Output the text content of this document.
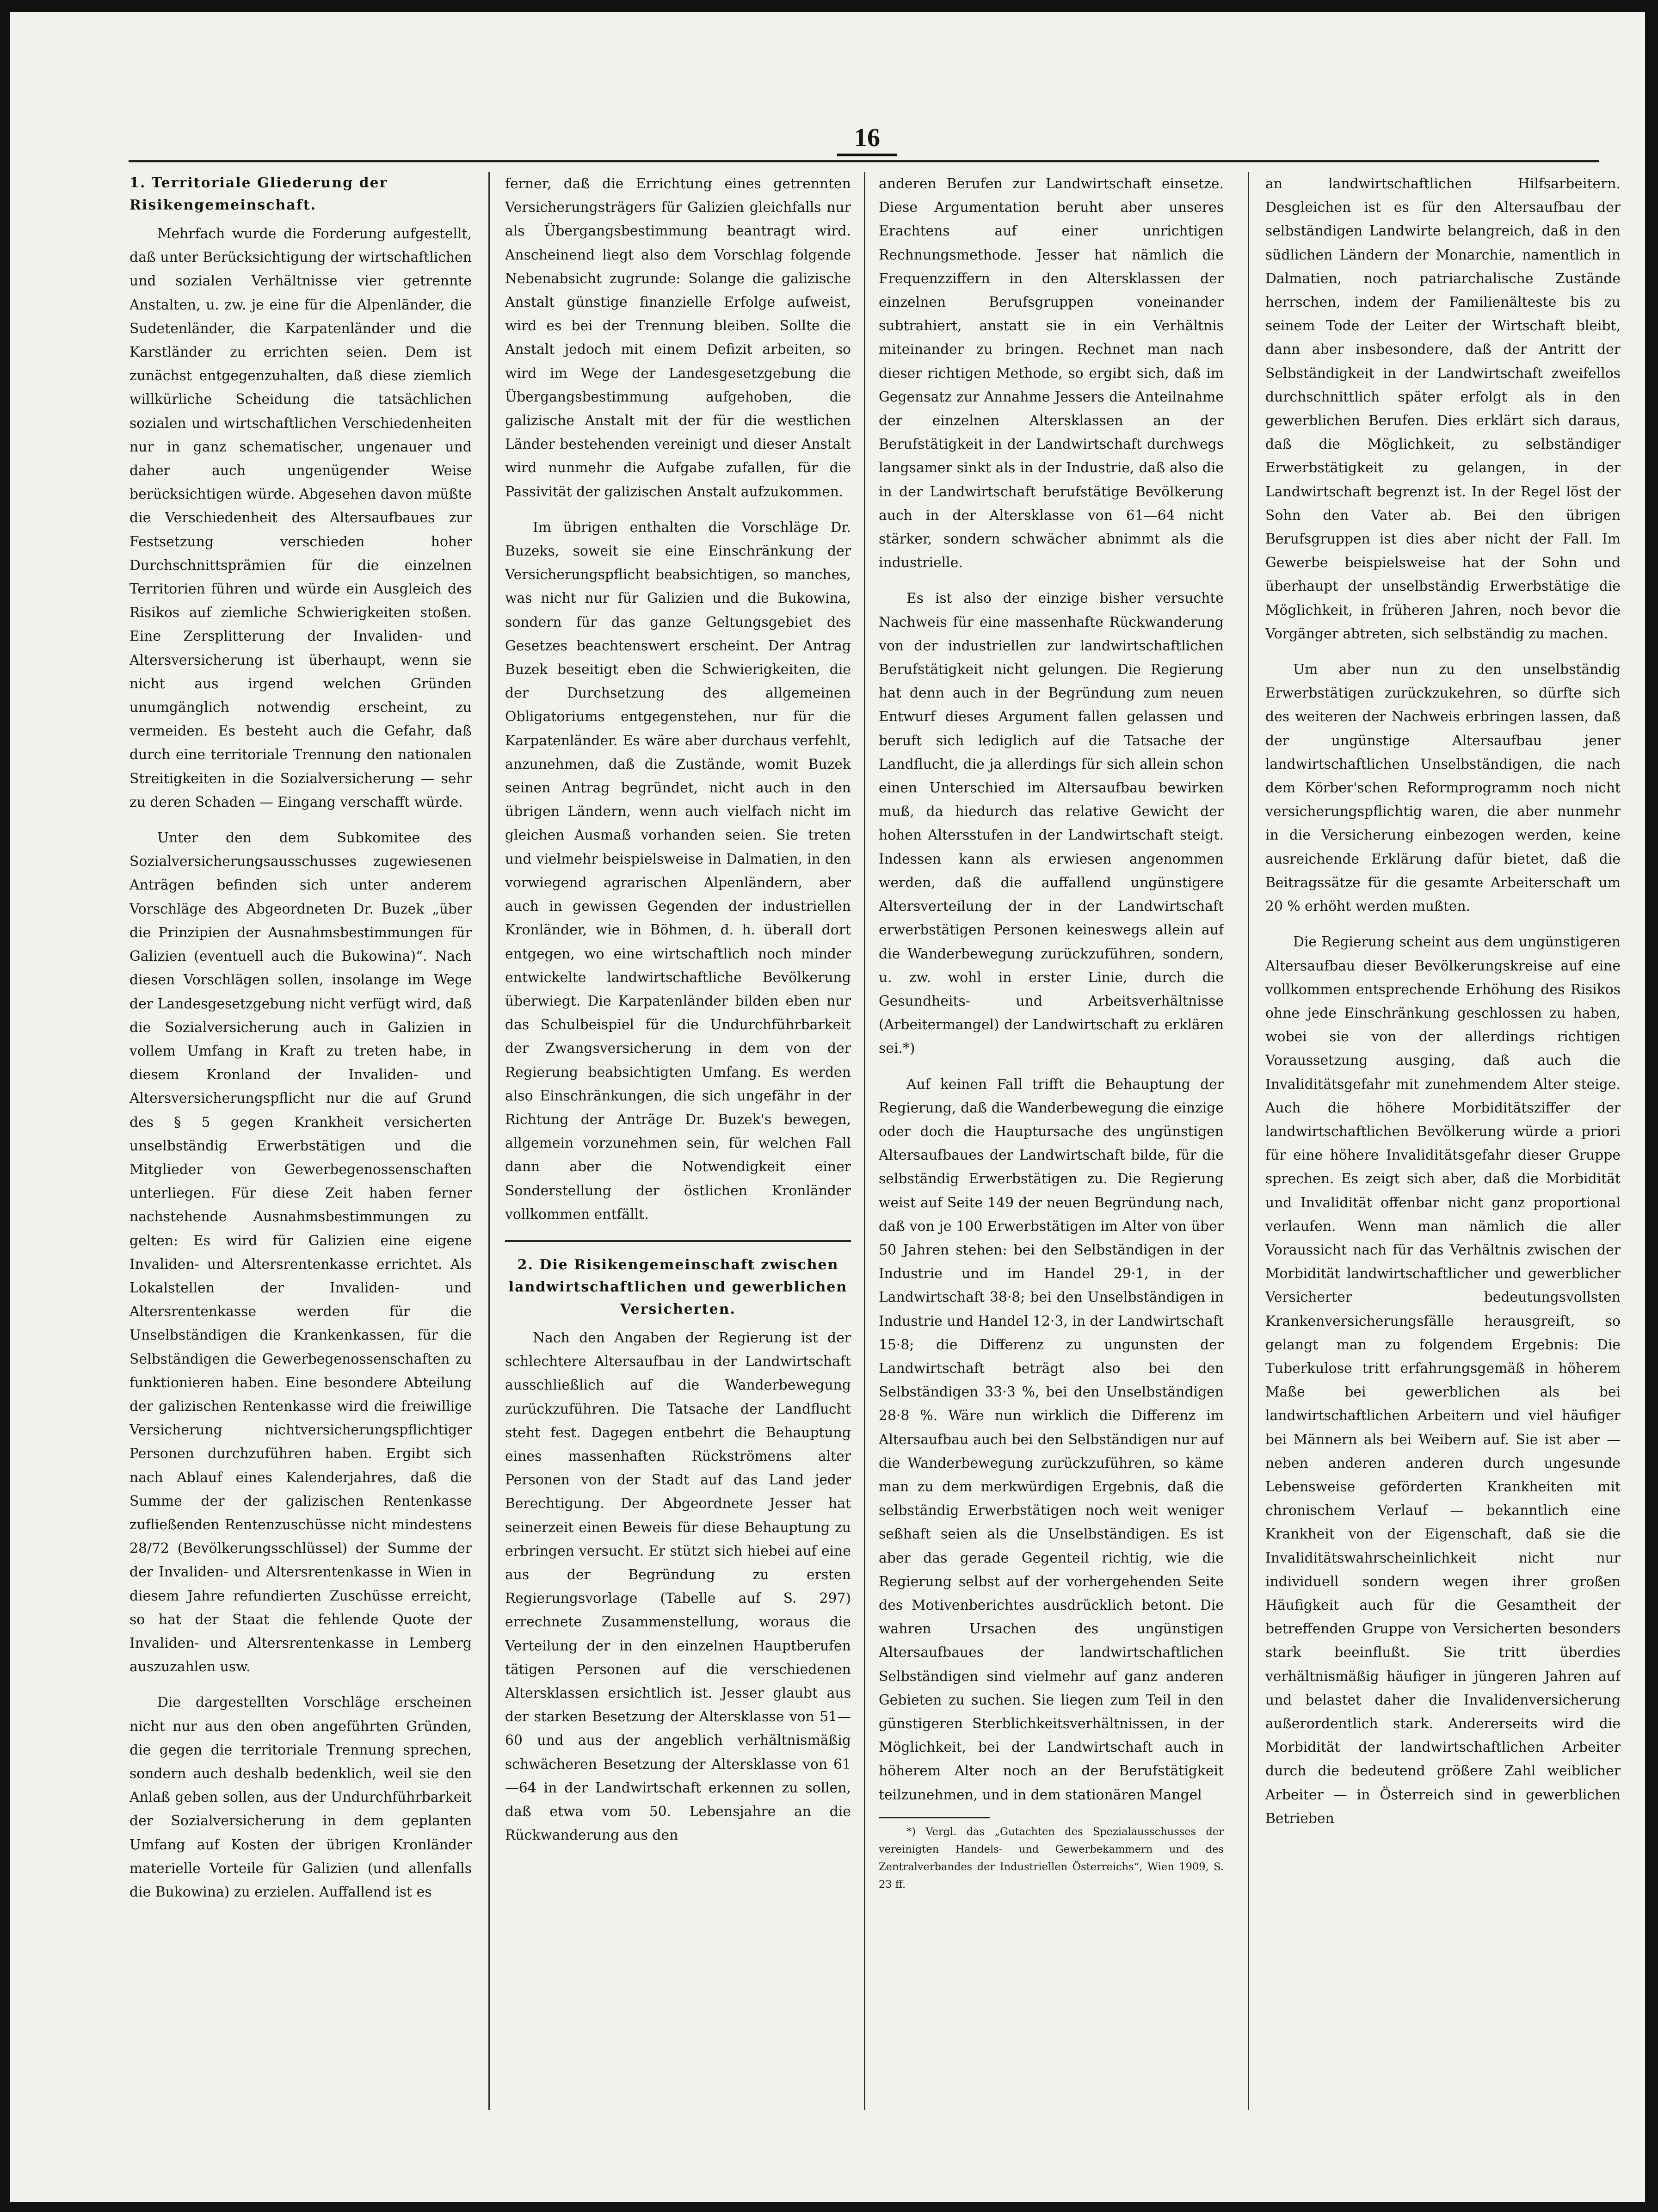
16
1. Territoriale Gliederung der Risikengemeinschaft.

Mehrfach wurde die Forderung aufgestellt, daß unter Berücksichtigung der wirtschaftlichen und sozialen Verhältnisse vier getrennte Anstalten, u. zw. je eine für die Alpenländer, die Sudetenländer, die Karpatenländer und die Karstländer zu errichten seien. Dem ist zunächst entgegenzuhalten, daß diese ziemlich willkürliche Scheidung die tatsächlichen sozialen und wirtschaftlichen Verschiedenheiten nur in ganz schematischer, ungenauer und daher auch ungenügender Weise berücksichtigen würde. Abgesehen davon müßte die Verschiedenheit des Altersaufbaues zur Festsetzung verschieden hoher Durchschnittsprämien für die einzelnen Territorien führen und würde ein Ausgleich des Risikos auf ziemliche Schwierigkeiten stoßen. Eine Zersplitterung der Invaliden- und Altersversicherung ist überhaupt, wenn sie nicht aus irgend welchen Gründen unumgänglich notwendig erscheint, zu vermeiden. Es besteht auch die Gefahr, daß durch eine territoriale Trennung den nationalen Streitigkeiten in die Sozialversicherung — sehr zu deren Schaden — Eingang verschafft würde.

Unter den dem Subkomitee des Sozialversicherungsausschusses zugewiesenen Anträgen befinden sich unter anderem Vorschläge des Abgeordneten Dr. Buzek „über die Prinzipien der Ausnahmsbestimmungen für Galizien (eventuell auch die Bukowina)“. Nach diesen Vorschlägen sollen, insolange im Wege der Landesgesetzgebung nicht verfügt wird, daß die Sozialversicherung auch in Galizien in vollem Umfang in Kraft zu treten habe, in diesem Kronland der Invaliden- und Altersversicherungspflicht nur die auf Grund des § 5 gegen Krankheit versicherten unselbständig Erwerbstätigen und die Mitglieder von Gewerbegenossenschaften unterliegen. Für diese Zeit haben ferner nachstehende Ausnahmsbestimmungen zu gelten: Es wird für Galizien eine eigene Invaliden- und Altersrentenkasse errichtet. Als Lokalstellen der Invaliden- und Altersrentenkasse werden für die Unselbständigen die Krankenkassen, für die Selbständigen die Gewerbegenossenschaften zu funktionieren haben. Eine besondere Abteilung der galizischen Rentenkasse wird die freiwillige Versicherung nichtversicherungspflichtiger Personen durchzuführen haben. Ergibt sich nach Ablauf eines Kalenderjahres, daß die Summe der der galizischen Rentenkasse zufließenden Rentenzuschüsse nicht mindestens 28/72 (Bevölkerungsschlüssel) der Summe der der Invaliden- und Altersrentenkasse in Wien in diesem Jahre refundierten Zuschüsse erreicht, so hat der Staat die fehlende Quote der Invaliden- und Altersrentenkasse in Lemberg auszuzahlen usw.

Die dargestellten Vorschläge erscheinen nicht nur aus den oben angeführten Gründen, die gegen die territoriale Trennung sprechen, sondern auch deshalb bedenklich, weil sie den Anlaß geben sollen, aus der Undurchführbarkeit der Sozialversicherung in dem geplanten Umfang auf Kosten der übrigen Kronländer materielle Vorteile für Galizien (und allenfalls die Bukowina) zu erzielen. Auffallend ist es

ferner, daß die Errichtung eines getrennten Versicherungsträgers für Galizien gleichfalls nur als Übergangsbestimmung beantragt wird. Anscheinend liegt also dem Vorschlag folgende Nebenabsicht zugrunde: Solange die galizische Anstalt günstige finanzielle Erfolge aufweist, wird es bei der Trennung bleiben. Sollte die Anstalt jedoch mit einem Defizit arbeiten, so wird im Wege der Landesgesetzgebung die Übergangsbestimmung aufgehoben, die galizische Anstalt mit der für die westlichen Länder bestehenden vereinigt und dieser Anstalt wird nunmehr die Aufgabe zufallen, für die Passivität der galizischen Anstalt aufzukommen.

Im übrigen enthalten die Vorschläge Dr. Buzeks, soweit sie eine Einschränkung der Versicherungspflicht beabsichtigen, so manches, was nicht nur für Galizien und die Bukowina, sondern für das ganze Geltungsgebiet des Gesetzes beachtenswert erscheint. Der Antrag Buzek beseitigt eben die Schwierigkeiten, die der Durchsetzung des allgemeinen Obligatoriums entgegenstehen, nur für die Karpatenländer. Es wäre aber durchaus verfehlt, anzunehmen, daß die Zustände, womit Buzek seinen Antrag begründet, nicht auch in den übrigen Ländern, wenn auch vielfach nicht im gleichen Ausmaß vorhanden seien. Sie treten und vielmehr beispielsweise in Dalmatien, in den vorwiegend agrarischen Alpenländern, aber auch in gewissen Gegenden der industriellen Kronländer, wie in Böhmen, d. h. überall dort entgegen, wo eine wirtschaftlich noch minder entwickelte landwirtschaftliche Bevölkerung überwiegt. Die Karpatenländer bilden eben nur das Schulbeispiel für die Undurchführbarkeit der Zwangsversicherung in dem von der Regierung beabsichtigten Umfang. Es werden also Einschränkungen, die sich ungefähr in der Richtung der Anträge Dr. Buzek's bewegen, allgemein vorzunehmen sein, für welchen Fall dann aber die Notwendigkeit einer Sonderstellung der östlichen Kronländer vollkommen entfällt.

2. Die Risikengemeinschaft zwischen landwirtschaftlichen und gewerblichen Versicherten.

Nach den Angaben der Regierung ist der schlechtere Altersaufbau in der Landwirtschaft ausschließlich auf die Wanderbewegung zurückzuführen. Die Tatsache der Landflucht steht fest. Dagegen entbehrt die Behauptung eines massenhaften Rückströmens alter Personen von der Stadt auf das Land jeder Berechtigung. Der Abgeordnete Jesser hat seinerzeit einen Beweis für diese Behauptung zu erbringen versucht. Er stützt sich hiebei auf eine aus der Begründung zu ersten Regierungsvorlage (Tabelle auf S. 297) errechnete Zusammenstellung, woraus die Verteilung der in den einzelnen Hauptberufen tätigen Personen auf die verschiedenen Altersklassen ersichtlich ist. Jesser glaubt aus der starken Besetzung der Altersklasse von 51—60 und aus der angeblich verhältnismäßig schwächeren Besetzung der Altersklasse von 61—64 in der Landwirtschaft erkennen zu sollen, daß etwa vom 50. Lebensjahre an die Rückwanderung aus den

anderen Berufen zur Landwirtschaft einsetze. Diese Argumentation beruht aber unseres Erachtens auf einer unrichtigen Rechnungsmethode. Jesser hat nämlich die Frequenzziffern in den Altersklassen der einzelnen Berufsgruppen voneinander subtrahiert, anstatt sie in ein Verhältnis miteinander zu bringen. Rechnet man nach dieser richtigen Methode, so ergibt sich, daß im Gegensatz zur Annahme Jessers die Anteilnahme der einzelnen Altersklassen an der Berufstätigkeit in der Landwirtschaft durchwegs langsamer sinkt als in der Industrie, daß also die in der Landwirtschaft berufstätige Bevölkerung auch in der Altersklasse von 61—64 nicht stärker, sondern schwächer abnimmt als die industrielle.

Es ist also der einzige bisher versuchte Nachweis für eine massenhafte Rückwanderung von der industriellen zur landwirtschaftlichen Berufstätigkeit nicht gelungen. Die Regierung hat denn auch in der Begründung zum neuen Entwurf dieses Argument fallen gelassen und beruft sich lediglich auf die Tatsache der Landflucht, die ja allerdings für sich allein schon einen Unterschied im Altersaufbau bewirken muß, da hiedurch das relative Gewicht der hohen Altersstufen in der Landwirtschaft steigt. Indessen kann als erwiesen angenommen werden, daß die auffallend ungünstigere Altersverteilung der in der Landwirtschaft erwerbstätigen Personen keineswegs allein auf die Wanderbewegung zurückzuführen, sondern, u. zw. wohl in erster Linie, durch die Gesundheits- und Arbeitsverhältnisse (Arbeitermangel) der Landwirtschaft zu erklären sei.*)

Auf keinen Fall trifft die Behauptung der Regierung, daß die Wanderbewegung die einzige oder doch die Hauptursache des ungünstigen Altersaufbaues der Landwirtschaft bilde, für die selbständig Erwerbstätigen zu. Die Regierung weist auf Seite 149 der neuen Begründung nach, daß von je 100 Erwerbstätigen im Alter von über 50 Jahren stehen: bei den Selbständigen in der Industrie und im Handel 29·1, in der Landwirtschaft 38·8; bei den Unselbständigen in Industrie und Handel 12·3, in der Landwirtschaft 15·8; die Differenz zu ungunsten der Landwirtschaft beträgt also bei den Selbständigen 33·3 %, bei den Unselbständigen 28·8 %. Wäre nun wirklich die Differenz im Altersaufbau auch bei den Selbständigen nur auf die Wanderbewegung zurückzuführen, so käme man zu dem merkwürdigen Ergebnis, daß die selbständig Erwerbstätigen noch weit weniger seßhaft seien als die Unselbständigen. Es ist aber das gerade Gegenteil richtig, wie die Regierung selbst auf der vorhergehenden Seite des Motivenberichtes ausdrücklich betont. Die wahren Ursachen des ungünstigen Altersaufbaues der landwirtschaftlichen Selbständigen sind vielmehr auf ganz anderen Gebieten zu suchen. Sie liegen zum Teil in den günstigeren Sterblichkeitsverhältnissen, in der Möglichkeit, bei der Landwirtschaft auch in höherem Alter noch an der Berufstätigkeit teilzunehmen, und in dem stationären Mangel

*) Vergl. das „Gutachten des Spezialausschusses der vereinigten Handels- und Gewerbekammern und des Zentralverbandes der Industriellen Österreichs“, Wien 1909, S. 23 ff.

an landwirtschaftlichen Hilfsarbeitern. Desgleichen ist es für den Altersaufbau der selbständigen Landwirte belangreich, daß in den südlichen Ländern der Monarchie, namentlich in Dalmatien, noch patriarchalische Zustände herrschen, indem der Familienälteste bis zu seinem Tode der Leiter der Wirtschaft bleibt, dann aber insbesondere, daß der Antritt der Selbständigkeit in der Landwirtschaft zweifellos durchschnittlich später erfolgt als in den gewerblichen Berufen. Dies erklärt sich daraus, daß die Möglichkeit, zu selbständiger Erwerbstätigkeit zu gelangen, in der Landwirtschaft begrenzt ist. In der Regel löst der Sohn den Vater ab. Bei den übrigen Berufsgruppen ist dies aber nicht der Fall. Im Gewerbe beispielsweise hat der Sohn und überhaupt der unselbständig Erwerbstätige die Möglichkeit, in früheren Jahren, noch bevor die Vorgänger abtreten, sich selbständig zu machen.

Um aber nun zu den unselbständig Erwerbstätigen zurückzukehren, so dürfte sich des weiteren der Nachweis erbringen lassen, daß der ungünstige Altersaufbau jener landwirtschaftlichen Unselbständigen, die nach dem Körber'schen Reformprogramm noch nicht versicherungspflichtig waren, die aber nunmehr in die Versicherung einbezogen werden, keine ausreichende Erklärung dafür bietet, daß die Beitragssätze für die gesamte Arbeiterschaft um 20 % erhöht werden mußten.

Die Regierung scheint aus dem ungünstigeren Altersaufbau dieser Bevölkerungskreise auf eine vollkommen entsprechende Erhöhung des Risikos ohne jede Einschränkung geschlossen zu haben, wobei sie von der allerdings richtigen Voraussetzung ausging, daß auch die Invaliditätsgefahr mit zunehmendem Alter steige. Auch die höhere Morbiditätsziffer der landwirtschaftlichen Bevölkerung würde a priori für eine höhere Invaliditätsgefahr dieser Gruppe sprechen. Es zeigt sich aber, daß die Morbidität und Invalidität offenbar nicht ganz proportional verlaufen. Wenn man nämlich die aller Voraussicht nach für das Verhältnis zwischen der Morbidität landwirtschaftlicher und gewerblicher Versicherter bedeutungsvollsten Krankenversicherungsfälle herausgreift, so gelangt man zu folgendem Ergebnis: Die Tuberkulose tritt erfahrungsgemäß in höherem Maße bei gewerblichen als bei landwirtschaftlichen Arbeitern und viel häufiger bei Männern als bei Weibern auf. Sie ist aber — neben anderen anderen durch ungesunde Lebensweise geförderten Krankheiten mit chronischem Verlauf — bekanntlich eine Krankheit von der Eigenschaft, daß sie die Invaliditätswahrscheinlichkeit nicht nur individuell sondern wegen ihrer großen Häufigkeit auch für die Gesamtheit der betreffenden Gruppe von Versicherten besonders stark beeinflußt. Sie tritt überdies verhältnismäßig häufiger in jüngeren Jahren auf und belastet daher die Invalidenversicherung außerordentlich stark. Andererseits wird die Morbidität der landwirtschaftlichen Arbeiter durch die bedeutend größere Zahl weiblicher Arbeiter — in Österreich sind in gewerblichen Betrieben
